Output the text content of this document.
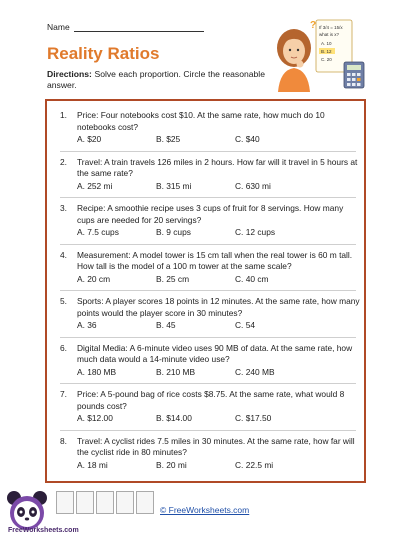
Name
Reality Ratios
Directions: Solve each proportion. Circle the reasonable answer.
If 3/4 = 15/x
what is x?
A. 10
B. 12
C. 20
?
1.	Price: Four notebooks cost $10. At the same rate, how much do 10 notebooks cost?
A. $20	B. $25	C. $40
2.	Travel: A train travels 126 miles in 2 hours. How far will it travel in 5 hours at the same rate?
A. 252 mi	B. 315 mi	C. 630 mi
3.	Recipe: A smoothie recipe uses 3 cups of fruit for 8 servings. How many cups are needed for 20 servings?
A. 7.5 cups	B. 9 cups	C. 12 cups
4.	Measurement: A model tower is 15 cm tall when the real tower is 60 m tall. How tall is the model of a 100 m tower at the same scale?
A. 20 cm	B. 25 cm	C. 40 cm
5.	Sports: A player scores 18 points in 12 minutes. At the same rate, how many points would the player score in 30 minutes?
A. 36	B. 45	C. 54
6.	Digital Media: A 6-minute video uses 90 MB of data. At the same rate, how much data would a 14-minute video use?
A. 180 MB	B. 210 MB	C. 240 MB
7.	Price: A 5-pound bag of rice costs $8.75. At the same rate, what would 8 pounds cost?
A. $12.00	B. $14.00	C. $17.50
8.	Travel: A cyclist rides 7.5 miles in 30 minutes. At the same rate, how far will the cyclist ride in 80 minutes?
A. 18 mi	B. 20 mi	C. 22.5 mi
FreeWorksheets.com
© FreeWorksheets.com
